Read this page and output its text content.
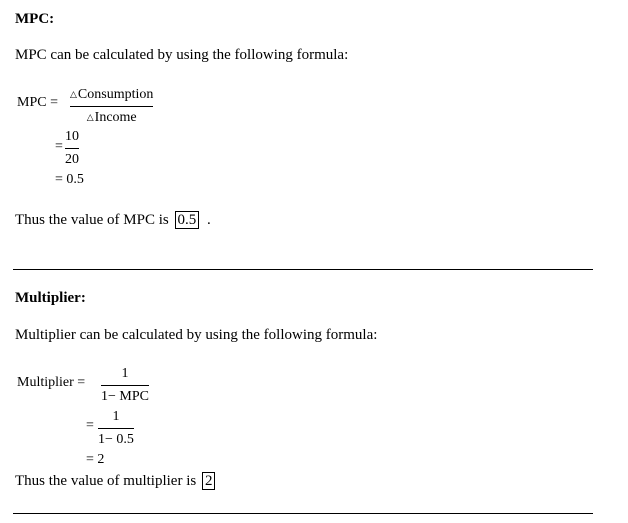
MPC:
MPC can be calculated by using the following formula:
MPC =
△Consumption
△Income
=
10
20
= 0.5
Thus the value of MPC is 0.5 .
Multiplier:
Multiplier can be calculated by using the following formula:
Multiplier =
1
1− MPC
=
1
1− 0.5
= 2
Thus the value of multiplier is 2
